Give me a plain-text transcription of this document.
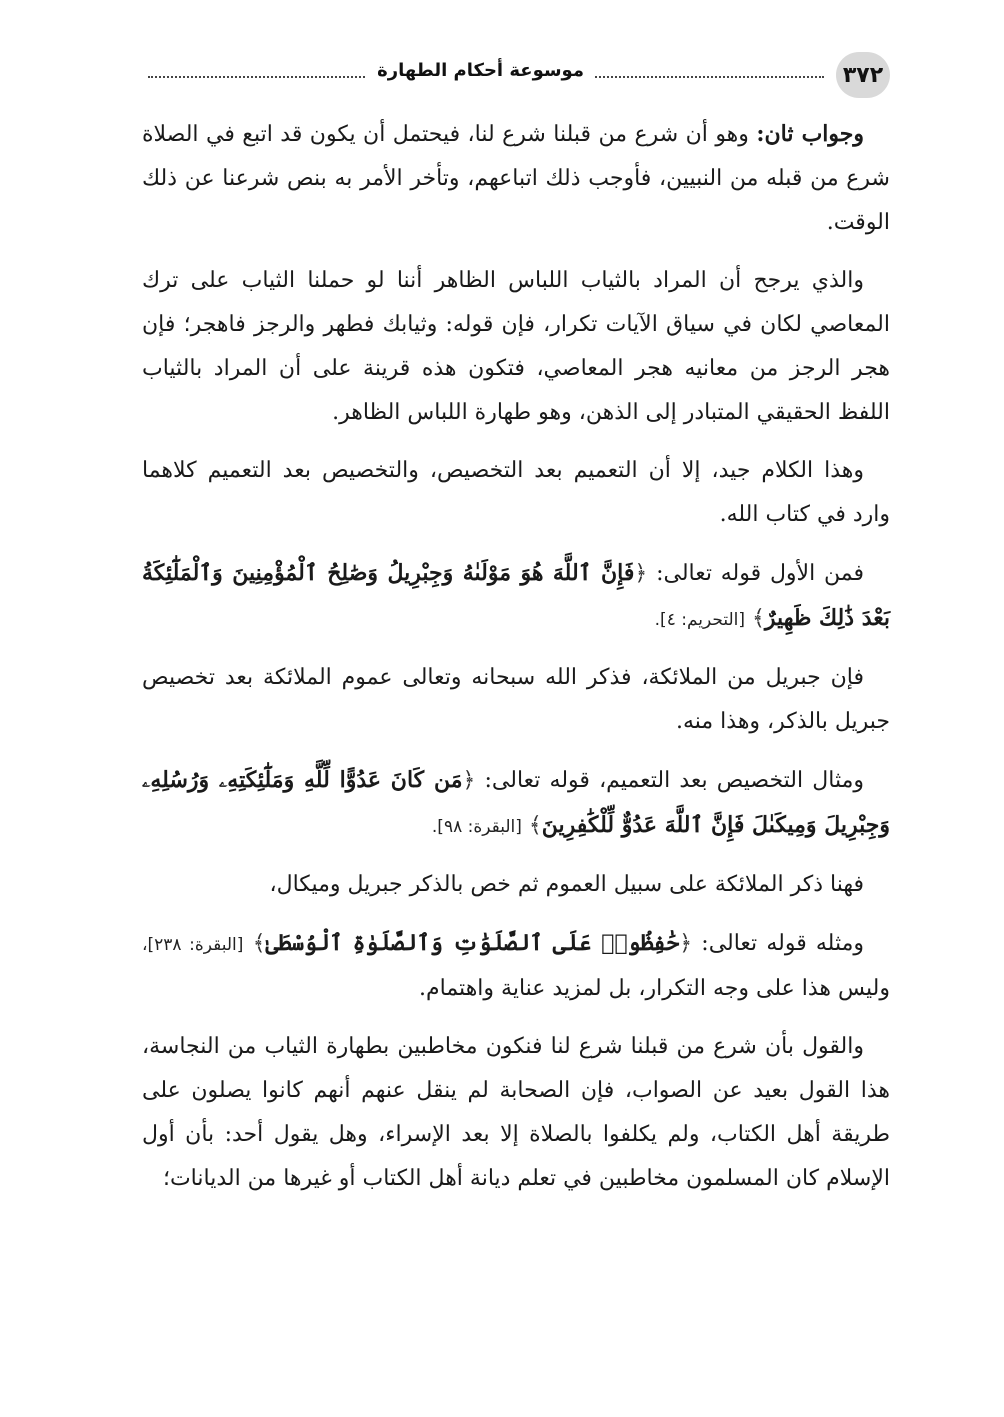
٣٧٢
موسوعة أحكام الطهارة

وجواب ثان: وهو أن شرع من قبلنا شرع لنا، فيحتمل أن يكون قد اتبع في الصلاة شرع من قبله من النبيين، فأوجب ذلك اتباعهم، وتأخر الأمر به بنص شرعنا عن ذلك الوقت.

والذي يرجح أن المراد بالثياب اللباس الظاهر أننا لو حملنا الثياب على ترك المعاصي لكان في سياق الآيات تكرار، فإن قوله: وثيابك فطهر والرجز فاهجر؛ فإن هجر الرجز من معانيه هجر المعاصي، فتكون هذه قرينة على أن المراد بالثياب اللفظ الحقيقي المتبادر إلى الذهن، وهو طهارة اللباس الظاهر.

وهذا الكلام جيد، إلا أن التعميم بعد التخصيص، والتخصيص بعد التعميم كلاهما وارد في كتاب الله.

فمن الأول قوله تعالى: ﴿فَإِنَّ ٱللَّهَ هُوَ مَوْلَىٰهُ وَجِبْرِيلُ وَصَٰلِحُ ٱلْمُؤْمِنِينَ وَٱلْمَلَٰٓئِكَةُ بَعْدَ ذَٰلِكَ ظَهِيرٌ﴾ [التحريم: ٤].

فإن جبريل من الملائكة، فذكر الله سبحانه وتعالى عموم الملائكة بعد تخصيص جبريل بالذكر، وهذا منه.

ومثال التخصيص بعد التعميم، قوله تعالى: ﴿مَن كَانَ عَدُوًّا لِّلَّهِ وَمَلَٰٓئِكَتِهِۦ وَرُسُلِهِۦ وَجِبْرِيلَ وَمِيكَىٰلَ فَإِنَّ ٱللَّهَ عَدُوٌّ لِّلْكَٰفِرِينَ﴾ [البقرة: ٩٨].

فهنا ذكر الملائكة على سبيل العموم ثم خص بالذكر جبريل وميكال،

ومثله قوله تعالى: ﴿حَٰفِظُوا۟ عَلَى ٱلصَّلَوَٰتِ وَٱلصَّلَوٰةِ ٱلْوُسْطَىٰ﴾ [البقرة: ٢٣٨]، وليس هذا على وجه التكرار، بل لمزيد عناية واهتمام.

والقول بأن شرع من قبلنا شرع لنا فنكون مخاطبين بطهارة الثياب من النجاسة، هذا القول بعيد عن الصواب، فإن الصحابة لم ينقل عنهم أنهم كانوا يصلون على طريقة أهل الكتاب، ولم يكلفوا بالصلاة إلا بعد الإسراء، وهل يقول أحد: بأن أول الإسلام كان المسلمون مخاطبين في تعلم ديانة أهل الكتاب أو غيرها من الديانات؛
